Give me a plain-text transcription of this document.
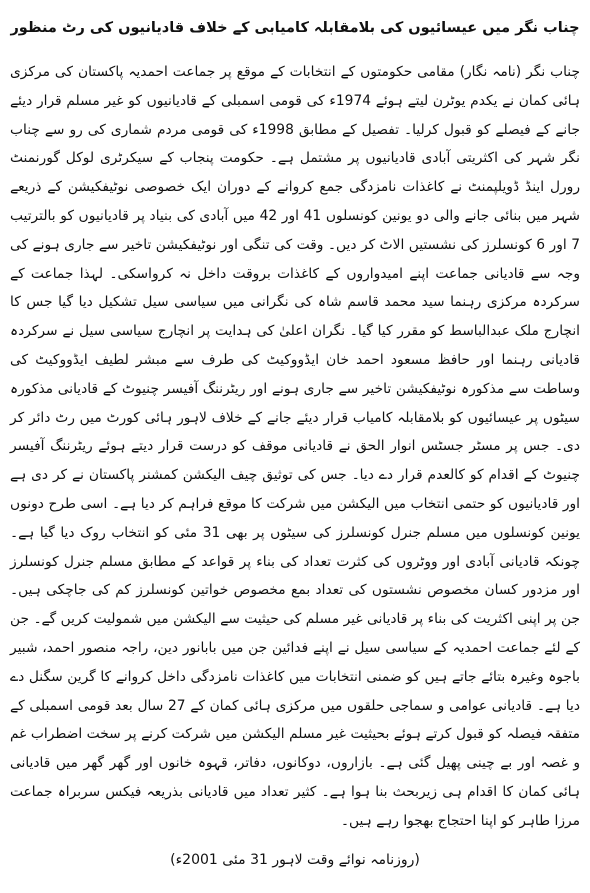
چناب نگر میں عیسائیوں کی بلامقابلہ کامیابی کے خلاف قادیانیوں کی رٹ منظور

چناب نگر (نامہ نگار) مقامی حکومتوں کے انتخابات کے موقع پر جماعت احمدیہ پاکستان کی مرکزی ہائی کمان نے یکدم یوٹرن لیتے ہوئے 1974ء کی قومی اسمبلی کے قادیانیوں کو غیر مسلم قرار دیئے جانے کے فیصلے کو قبول کرلیا۔ تفصیل کے مطابق 1998ء کی قومی مردم شماری کی رو سے چناب نگر شہر کی اکثریتی آبادی قادیانیوں پر مشتمل ہے۔ حکومت پنجاب کے سیکرٹری لوکل گورنمنٹ رورل اینڈ ڈویلپمنٹ نے کاغذات نامزدگی جمع کروانے کے دوران ایک خصوصی نوٹیفکیشن کے ذریعے شہر میں بنائی جانے والی دو یونین کونسلوں 41 اور 42 میں آبادی کی بنیاد پر قادیانیوں کو بالترتیب 7 اور 6 کونسلرز کی نشستیں الاٹ کر دیں۔ وقت کی تنگی اور نوٹیفکیشن تاخیر سے جاری ہونے کی وجہ سے قادیانی جماعت اپنے امیدواروں کے کاغذات بروقت داخل نہ کرواسکی۔ لہذا جماعت کے سرکردہ مرکزی رہنما سید محمد قاسم شاہ کی نگرانی میں سیاسی سیل تشکیل دیا گیا جس کا انچارج ملک عبدالباسط کو مقرر کیا گیا۔ نگران اعلیٰ کی ہدایت پر انچارج سیاسی سیل نے سرکردہ قادیانی رہنما اور حافظ مسعود احمد خان ایڈووکیٹ کی طرف سے مبشر لطیف ایڈووکیٹ کی وساطت سے مذکورہ نوٹیفکیشن تاخیر سے جاری ہونے اور ریٹرننگ آفیسر چنیوٹ کے قادیانی مذکورہ سیٹوں پر عیسائیوں کو بلامقابلہ کامیاب قرار دیئے جانے کے خلاف لاہور ہائی کورٹ میں رٹ دائر کر دی۔ جس پر مسٹر جسٹس انوار الحق نے قادیانی موقف کو درست قرار دیتے ہوئے ریٹرننگ آفیسر چنیوٹ کے اقدام کو کالعدم قرار دے دیا۔ جس کی توثیق چیف الیکشن کمشنر پاکستان نے کر دی ہے اور قادیانیوں کو حتمی انتخاب میں الیکشن میں شرکت کا موقع فراہم کر دیا ہے۔ اسی طرح دونوں یونین کونسلوں میں مسلم جنرل کونسلرز کی سیٹوں پر بھی 31 مئی کو انتخاب روک دیا گیا ہے۔ چونکہ قادیانی آبادی اور ووٹروں کی کثرت تعداد کی بناء پر قواعد کے مطابق مسلم جنرل کونسلرز اور مزدور کسان مخصوص نشستوں کی تعداد بمع مخصوص خواتین کونسلرز کم کی جاچکی ہیں۔ جن پر اپنی اکثریت کی بناء پر قادیانی غیر مسلم کی حیثیت سے الیکشن میں شمولیت کریں گے۔ جن کے لئے جماعت احمدیہ کے سیاسی سیل نے اپنے فدائین جن میں بابانور دین، راجہ منصور احمد، شبیر باجوہ وغیرہ بتائے جاتے ہیں کو ضمنی انتخابات میں کاغذات نامزدگی داخل کروانے کا گرین سگنل دے دیا ہے۔ قادیانی عوامی و سماجی حلقوں میں مرکزی ہائی کمان کے 27 سال بعد قومی اسمبلی کے متفقہ فیصلہ کو قبول کرتے ہوئے بحیثیت غیر مسلم الیکشن میں شرکت کرنے پر سخت اضطراب غم و غصہ اور بے چینی پھیل گئی ہے۔ بازاروں، دوکانوں، دفاتر، قہوہ خانوں اور گھر گھر میں قادیانی ہائی کمان کا اقدام ہی زیربحث بنا ہوا ہے۔ کثیر تعداد میں قادیانی بذریعہ فیکس سربراہ جماعت مرزا طاہر کو اپنا احتجاج بھجوا رہے ہیں۔

(روزنامہ نوائے وقت لاہور 31 مئی 2001ء)
